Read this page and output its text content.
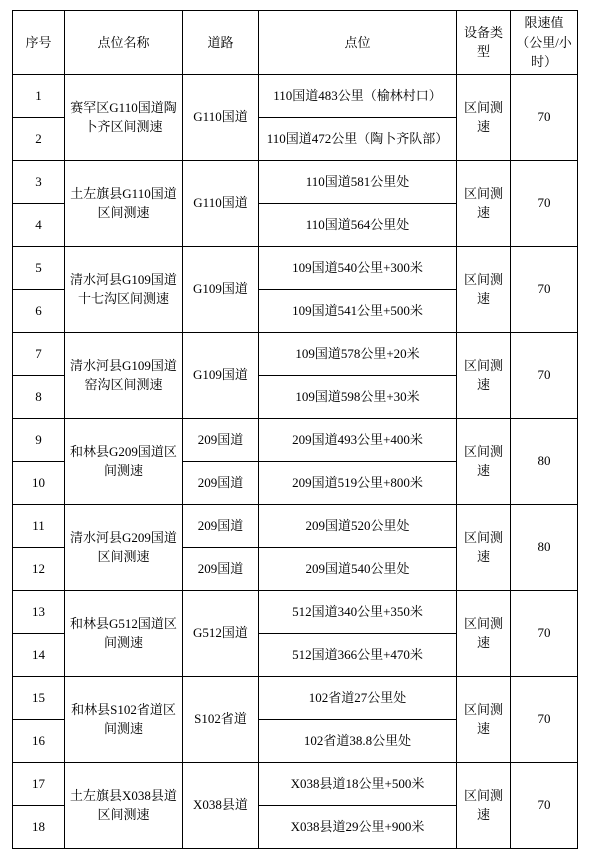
序号	点位名称	道路	点位	设备类型	限速值（公里/小时）
1	赛罕区G110国道陶卜齐区间测速	G110国道	110国道483公里（榆林村口）	区间测速	70
2			110国道472公里（陶卜齐队部）		
3	土左旗县G110国道区间测速	G110国道	110国道581公里处	区间测速	70
4			110国道564公里处		
5	清水河县G109国道十七沟区间测速	G109国道	109国道540公里+300米	区间测速	70
6			109国道541公里+500米		
7	清水河县G109国道窑沟区间测速	G109国道	109国道578公里+20米	区间测速	70
8			109国道598公里+30米		
9	和林县G209国道区间测速	209国道	209国道493公里+400米	区间测速	80
10		209国道	209国道519公里+800米		
11	清水河县G209国道区间测速	209国道	209国道520公里处	区间测速	80
12		209国道	209国道540公里处		
13	和林县G512国道区间测速	G512国道	512国道340公里+350米	区间测速	70
14			512国道366公里+470米		
15	和林县S102省道区间测速	S102省道	102省道27公里处	区间测速	70
16			102省道38.8公里处		
17	土左旗县X038县道区间测速	X038县道	X038县道18公里+500米	区间测速	70
18			X038县道29公里+900米		
